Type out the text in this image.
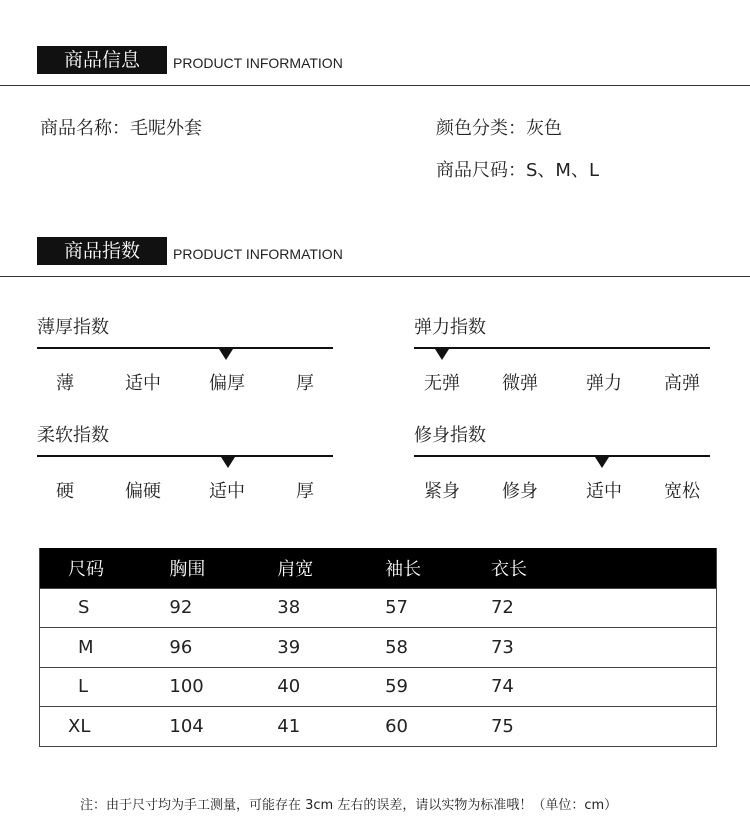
商品信息	PRODUCT INFORMATION
商品名称：毛呢外套	颜色分类：灰色
商品尺码：S、M、L
商品指数	PRODUCT INFORMATION
薄厚指数
薄	适中	偏厚	厚
弹力指数
无弹 微弹	弹力 高弹
柔软指数
硬	偏硬	适中	厚
修身指数
紧身 修身	适中 宽松
尺码	胸围	肩宽	袖长	衣长
S	92	38	57	72
M	96	39	58	73
L	100	40	59	74
XL	104	41	60	75
注：由于尺寸均为手工测量，可能存在 3cm 左右的误差，请以实物为标准哦！（单位：cm）
